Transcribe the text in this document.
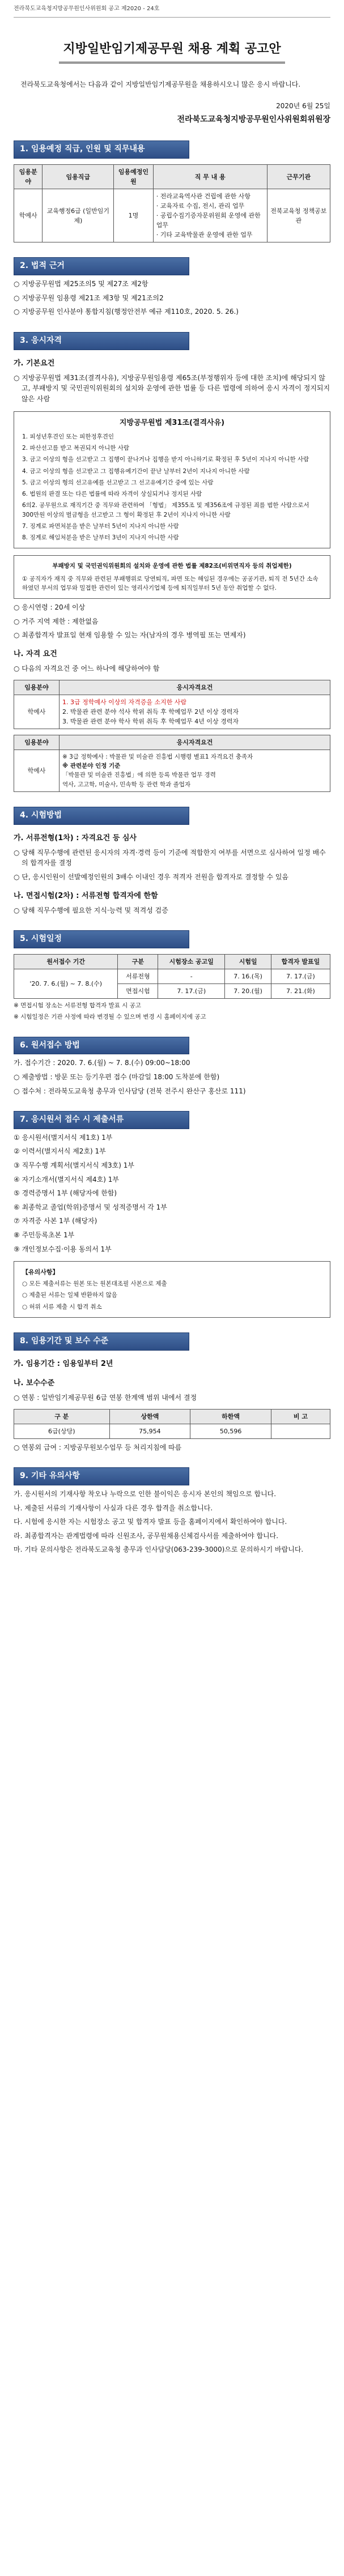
전라북도교육청지방공무원인사위원회 공고 제2020 - 24호
지방일반임기제공무원 채용 계획 공고안

전라북도교육청에서는 다음과 같이 지방일반임기제공무원을 채용하시오니 많은 응시 바랍니다.

2020년 6월 25일

전라북도교육청지방공무원인사위원회위원장

1. 임용예정 직급, 인원 및 직무내용
임용분야	임용직급	임용예정인원	직 무 내 용	근무기관
학예사	교육행정6급 (일반임기제)	1명	· 전라교육역사관 건립에 관한 사항
· 교육자료 수집, 전시, 관리 업무
· 공립수집기증자문위원회 운영에 관한 업무
· 기타 교육박물관 운영에 관한 업무	전북교육청 정책공보관
2. 법적 근거

○ 지방공무원법 제25조의5 및 제27조 제2항

○ 지방공무원 임용령 제21조 제3항 및 제21조의2

○ 지방공무원 인사분야 통합지침(행정안전부 예규 제110호, 2020. 5. 26.)

3. 응시자격

가. 기본요건

○ 지방공무원법 제31조(결격사유), 지방공무원임용령 제65조(부정행위자 등에 대한 조치)에 해당되지 않고, 부패방지 및 국민권익위원회의 설치와 운영에 관한 법률 등 다른 법령에 의하여 응시 자격이 정지되지 않은 사람

지방공무원법 제31조(결격사유)
1. 피성년후견인 또는 피한정후견인
2. 파산선고를 받고 복권되지 아니한 사람
3. 금고 이상의 형을 선고받고 그 집행이 끝나거나 집행을 받지 아니하기로 확정된 후 5년이 지나지 아니한 사람
4. 금고 이상의 형을 선고받고 그 집행유예기간이 끝난 날부터 2년이 지나지 아니한 사람
5. 금고 이상의 형의 선고유예를 선고받고 그 선고유예기간 중에 있는 사람
6. 법원의 판결 또는 다른 법률에 따라 자격이 상실되거나 정지된 사람
6의2. 공무원으로 재직기간 중 직무와 관련하여 「형법」 제355조 및 제356조에 규정된 죄를 범한 사람으로서 300만원 이상의 벌금형을 선고받고 그 형이 확정된 후 2년이 지나지 아니한 사람
7. 징계로 파면처분을 받은 날부터 5년이 지나지 아니한 사람
8. 징계로 해임처분을 받은 날부터 3년이 지나지 아니한 사람
부패방지 및 국민권익위원회의 설치와 운영에 관한 법률 제82조(비위면직자 등의 취업제한)
① 공직자가 재직 중 직무와 관련된 부패행위로 당연퇴직, 파면 또는 해임된 경우에는 공공기관, 퇴직 전 5년간 소속하였던 부서의 업무와 밀접한 관련이 있는 영리사기업체 등에 퇴직일부터 5년 동안 취업할 수 없다.

○ 응시연령 : 20세 이상

○ 거주 지역 제한 : 제한없음

○ 최종합격자 발표일 현재 임용할 수 있는 자(남자의 경우 병역필 또는 면제자)

나. 자격 요건

○ 다음의 자격요건 중 어느 하나에 해당하여야 함

임용분야	응시자격요건
학예사	1. 3급 정학예사 이상의 자격증을 소지한 사람
2. 박물관 관련 분야 석사 학위 취득 후 학예업무 2년 이상 경력자
3. 박물관 관련 분야 학사 학위 취득 후 학예업무 4년 이상 경력자
임용분야	응시자격요건
학예사	※ 3급 정학예사 : 박물관 및 미술관 진흥법 시행령 별표1 자격요건 충족자
※ 관련분야 인정 기준
「박물관 및 미술관 진흥법」에 의한 등록 박물관 업무 경력
역사, 고고학, 미술사, 민속학 등 관련 학과 졸업자
4. 시험방법

가. 서류전형(1차) : 자격요건 등 심사

○ 당해 직무수행에 관련된 응시자의 자격·경력 등이 기준에 적합한지 여부를 서면으로 심사하여 일정 배수의 합격자를 결정

○ 단, 응시인원이 선발예정인원의 3배수 이내인 경우 적격자 전원을 합격자로 결정할 수 있음

나. 면접시험(2차) : 서류전형 합격자에 한함

○ 당해 직무수행에 필요한 지식·능력 및 적격성 검증

5. 시험일정
원서접수 기간	구분	시험장소 공고일	시험일	합격자 발표일
'20. 7. 6.(월) ~ 7. 8.(수)	서류전형	-	7. 16.(목)	7. 17.(금)
	면접시험	7. 17.(금)	7. 20.(월)	7. 21.(화)

※ 면접시험 장소는 서류전형 합격자 발표 시 공고

※ 시험일정은 기관 사정에 따라 변경될 수 있으며 변경 시 홈페이지에 공고

6. 원서접수 방법

가. 접수기간 : 2020. 7. 6.(월) ~ 7. 8.(수) 09:00~18:00

○ 제출방법 : 방문 또는 등기우편 접수 (마감일 18:00 도착분에 한함)

○ 접수처 : 전라북도교육청 총무과 인사담당 (전북 전주시 완산구 홍산로 111)

7. 응시원서 접수 시 제출서류

① 응시원서(별지서식 제1호) 1부

② 이력서(별지서식 제2호) 1부

③ 직무수행 계획서(별지서식 제3호) 1부

④ 자기소개서(별지서식 제4호) 1부

⑤ 경력증명서 1부 (해당자에 한함)

⑥ 최종학교 졸업(학위)증명서 및 성적증명서 각 1부

⑦ 자격증 사본 1부 (해당자)

⑧ 주민등록초본 1부

⑨ 개인정보수집·이용 동의서 1부

【유의사항】
○ 모든 제출서류는 원본 또는 원본대조필 사본으로 제출
○ 제출된 서류는 일체 반환하지 않음
○ 허위 서류 제출 시 합격 취소
8. 임용기간 및 보수 수준

가. 임용기간 : 임용일부터 2년

나. 보수수준

○ 연봉 : 일반임기제공무원 6급 연봉 한계액 범위 내에서 결정

구 분	상한액	하한액	비 고
6급(상당)	75,954	50,596	

○ 연봉외 급여 : 지방공무원보수업무 등 처리지침에 따름

9. 기타 유의사항

가. 응시원서의 기재사항 착오나 누락으로 인한 불이익은 응시자 본인의 책임으로 합니다.

나. 제출된 서류의 기재사항이 사실과 다른 경우 합격을 취소합니다.

다. 시험에 응시한 자는 시험장소 공고 및 합격자 발표 등을 홈페이지에서 확인하여야 합니다.

라. 최종합격자는 관계법령에 따라 신원조사, 공무원채용신체검사서를 제출하여야 합니다.

마. 기타 문의사항은 전라북도교육청 총무과 인사담당(063-239-3000)으로 문의하시기 바랍니다.
